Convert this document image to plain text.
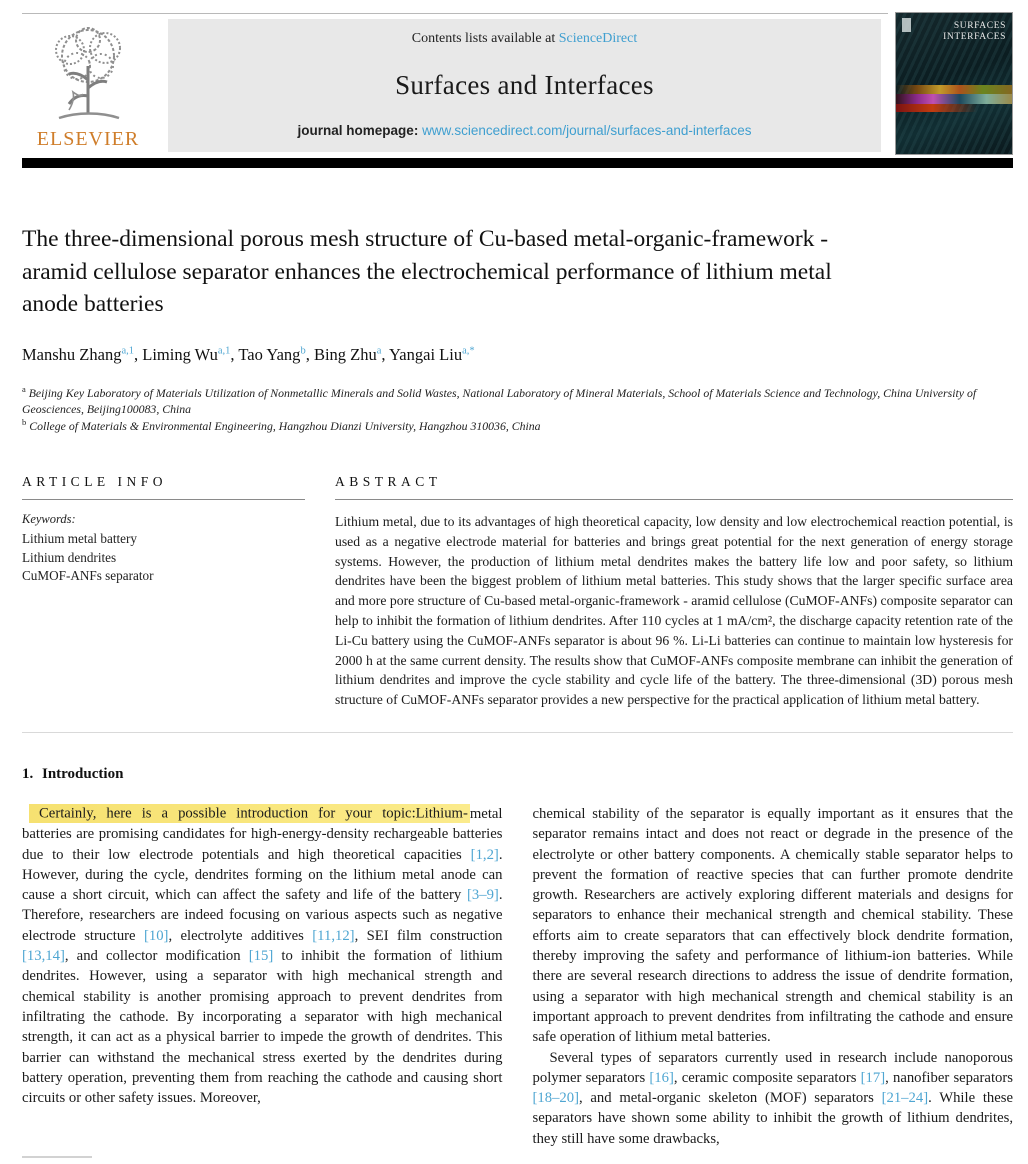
ELSEVIER
Contents lists available at ScienceDirect
Surfaces and Interfaces
journal homepage: www.sciencedirect.com/journal/surfaces-and-interfaces
SURFACES
INTERFACES
The three-dimensional porous mesh structure of Cu-based metal-organic-framework - aramid cellulose separator enhances the electrochemical performance of lithium metal anode batteries
Manshu Zhang$^{a,1}$, Liming Wu$^{a,1}$, Tao Yang$^b$, Bing Zhu$^a$, Yangai Liu$^{a,*}$
$^a$ Beijing Key Laboratory of Materials Utilization of Nonmetallic Minerals and Solid Wastes, National Laboratory of Mineral Materials, School of Materials Science and Technology, China University of Geosciences, Beijing100083, China
$^b$ College of Materials & Environmental Engineering, Hangzhou Dianzi University, Hangzhou 310036, China
ARTICLE INFO
Keywords:
Lithium metal battery
Lithium dendrites
CuMOF-ANFs separator
ABSTRACT

Lithium metal, due to its advantages of high theoretical capacity, low density and low electrochemical reaction potential, is used as a negative electrode material for batteries and brings great potential for the next generation of energy storage systems. However, the production of lithium metal dendrites makes the battery life low and poor safety, so lithium dendrites have been the biggest problem of lithium metal batteries. This study shows that the larger specific surface area and more pore structure of Cu-based metal-organic-framework - aramid cellulose (CuMOF-ANFs) composite separator can help to inhibit the formation of lithium dendrites. After 110 cycles at 1 mA/cm², the discharge capacity retention rate of the Li-Cu battery using the CuMOF-ANFs separator is about 96 %. Li-Li batteries can continue to maintain low hysteresis for 2000 h at the same current density. The results show that CuMOF-ANFs composite membrane can inhibit the generation of lithium dendrites and improve the cycle stability and cycle life of the battery. The three-dimensional (3D) porous mesh structure of CuMOF-ANFs separator provides a new perspective for the practical application of lithium metal battery.

1. Introduction

Certainly, here is a possible introduction for your topic:Lithium- metal batteries are promising candidates for high-energy-density rechargeable batteries due to their low electrode potentials and high theoretical capacities [1,2]. However, during the cycle, dendrites forming on the lithium metal anode can cause a short circuit, which can affect the safety and life of the battery [3–9]. Therefore, researchers are indeed focusing on various aspects such as negative electrode structure [10], electrolyte additives [11,12], SEI film construction [13,14], and collector modification [15] to inhibit the formation of lithium dendrites. However, using a separator with high mechanical strength and chemical stability is another promising approach to prevent dendrites from infiltrating the cathode. By incorporating a separator with high mechanical strength, it can act as a physical barrier to impede the growth of dendrites. This barrier can withstand the mechanical stress exerted by the dendrites during battery operation, preventing them from reaching the cathode and causing short circuits or other safety issues. Moreover,

chemical stability of the separator is equally important as it ensures that the separator remains intact and does not react or degrade in the presence of the electrolyte or other battery components. A chemically stable separator helps to prevent the formation of reactive species that can further promote dendrite growth. Researchers are actively exploring different materials and designs for separators to enhance their mechanical strength and chemical stability. These efforts aim to create separators that can effectively block dendrite formation, thereby improving the safety and performance of lithium-ion batteries. While there are several research directions to address the issue of dendrite formation, using a separator with high mechanical strength and chemical stability is an important approach to prevent dendrites from infiltrating the cathode and ensure safe operation of lithium metal batteries.

Several types of separators currently used in research include nanoporous polymer separators [16], ceramic composite separators [17], nanofiber separators [18–20], and metal-organic skeleton (MOF) separators [21–24]. While these separators have shown some ability to inhibit the growth of lithium dendrites, they still have some drawbacks,
